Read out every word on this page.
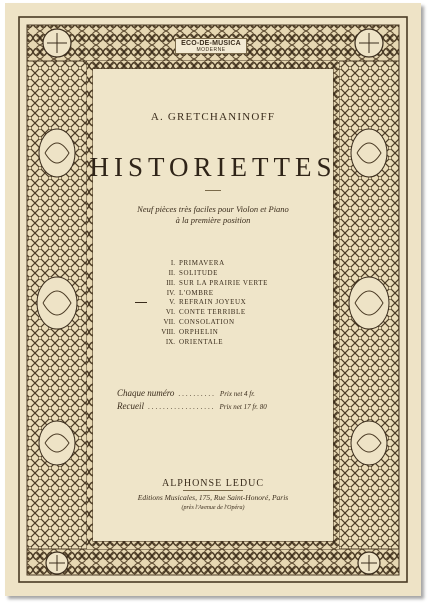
ECO-DE-MUSICA
MODERNE
A. GRETCHANINOFF
HISTORIETTES
Neuf pièces très faciles pour Violon et Piano
à la première position
I. PRIMAVERA
II. SOLITUDE
III. SUR LA PRAIRIE VERTE
IV. L'OMBRE
V. REFRAIN JOYEUX
VI. CONTE TERRIBLE
VII. CONSOLATION
VIII. ORPHELIN
IX. ORIENTALE
Chaque numéro .......... Prix net 4 fr.
Recueil .................. Prix net 17 fr. 80
ALPHONSE LEDUC
Editions Musicales, 175, Rue Saint-Honoré, Paris
(près l'Avenue de l'Opéra)
